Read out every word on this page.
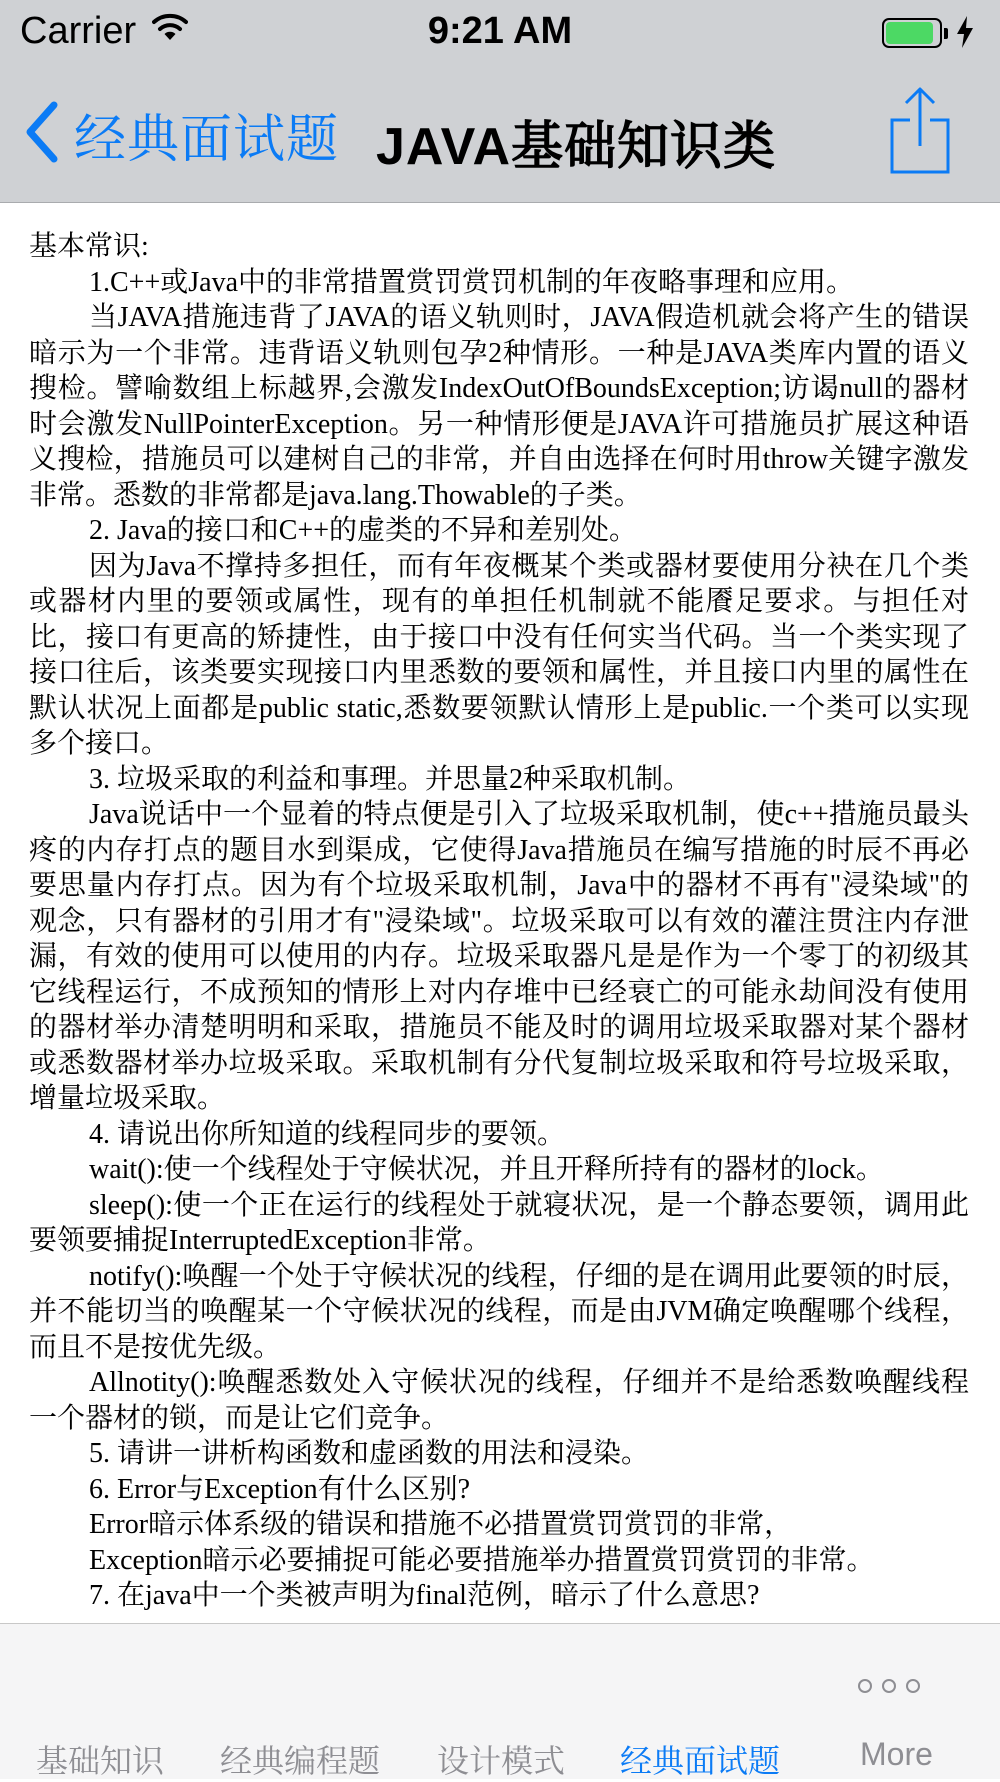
Carrier	9:21 AM
经典面试题 JAVA基础知识类

基本常识:

1.C++或Java中的非常措置赏罚赏罚机制的年夜略事理和应用。

当JAVA措施违背了JAVA的语义轨则时，JAVA假造机就会将产生的错误暗示为一个非常。违背语义轨则包孕2种情形。一种是JAVA类库内置的语义搜检。譬喻数组上标越界,会激发IndexOutOfBoundsException;访谒null的器材时会激发NullPointerException。另一种情形便是JAVA许可措施员扩展这种语义搜检，措施员可以建树自己的非常，并自由选择在何时用throw关键字激发非常。悉数的非常都是java.lang.Thowable的子类。

2. Java的接口和C++的虚类的不异和差别处。

因为Java不撑持多担任，而有年夜概某个类或器材要使用分袂在几个类或器材内里的要领或属性，现有的单担任机制就不能餍足要求。与担任对比，接口有更高的矫捷性，由于接口中没有任何实当代码。当一个类实现了接口往后，该类要实现接口内里悉数的要领和属性，并且接口内里的属性在默认状况上面都是public static,悉数要领默认情形上是public.一个类可以实现多个接口。

3. 垃圾采取的利益和事理。并思量2种采取机制。

Java说话中一个显着的特点便是引入了垃圾采取机制，使c++措施员最头疼的内存打点的题目水到渠成，它使得Java措施员在编写措施的时辰不再必要思量内存打点。因为有个垃圾采取机制，Java中的器材不再有"浸染域"的观念，只有器材的引用才有"浸染域"。垃圾采取可以有效的灌注贯注内存泄漏，有效的使用可以使用的内存。垃圾采取器凡是是作为一个零丁的初级其它线程运行，不成预知的情形上对内存堆中已经衰亡的可能永劫间没有使用的器材举办清楚明明和采取，措施员不能及时的调用垃圾采取器对某个器材或悉数器材举办垃圾采取。采取机制有分代复制垃圾采取和符号垃圾采取，增量垃圾采取。

4. 请说出你所知道的线程同步的要领。

wait():使一个线程处于守候状况，并且开释所持有的器材的lock。

sleep():使一个正在运行的线程处于就寝状况，是一个静态要领，调用此要领要捕捉InterruptedException非常。

notify():唤醒一个处于守候状况的线程，仔细的是在调用此要领的时辰，并不能切当的唤醒某一个守候状况的线程，而是由JVM确定唤醒哪个线程，而且不是按优先级。

Allnotity():唤醒悉数处入守候状况的线程，仔细并不是给悉数唤醒线程一个器材的锁，而是让它们竞争。

5. 请讲一讲析构函数和虚函数的用法和浸染。

6. Error与Exception有什么区别?

Error暗示体系级的错误和措施不必措置赏罚赏罚的非常，

Exception暗示必要捕捉可能必要措施举办措置赏罚赏罚的非常。

7. 在java中一个类被声明为final范例，暗示了什么意思?

基础知识 经典编程题 设计模式 经典面试题 More
